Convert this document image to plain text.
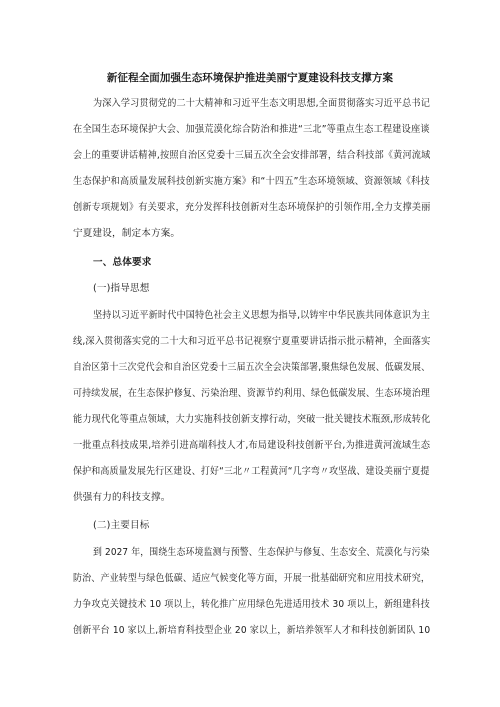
新征程全面加强生态环境保护推进美丽宁夏建设科技支撑方案
为深入学习贯彻党的二十大精神和习近平生态文明思想,全面贯彻落实习近平总书记
在全国生态环境保护大会、加强荒漠化综合防治和推进“三北”等重点生态工程建设座谈
会上的重要讲话精神,按照自治区党委十三届五次全会安排部署，结合科技部《黄河流域
生态保护和高质量发展科技创新实施方案》和“十四五”生态环境领域、资源领域《科技
创新专项规划》有关要求，充分发挥科技创新对生态环境保护的引领作用,全力支撑美丽
宁夏建设，制定本方案。
一、总体要求
(一)指导思想
坚持以习近平新时代中国特色社会主义思想为指导,以铸牢中华民族共同体意识为主
线,深入贯彻落实党的二十大和习近平总书记视察宁夏重要讲话指示批示精神，全面落实
自治区第十三次党代会和自治区党委十三届五次全会决策部署,聚焦绿色发展、低碳发展、
可持续发展，在生态保护修复、污染治理、资源节约利用、绿色低碳发展、生态环境治理
能力现代化等重点领域，大力实施科技创新支撑行动，突破一批关键技术瓶颈,形成转化
一批重点科技成果,培养引进高端科技人才,布局建设科技创新平台,为推进黄河流域生态
保护和高质量发展先行区建设、打好“三北〃工程黄河“几字弯〃攻坚战、建设美丽宁夏提
供强有力的科技支撑。
(二)主要目标
到 2027 年，围绕生态环境监测与预警、生态保护与修复、生态安全、荒漠化与污染
防治、产业转型与绿色低碳、适应气候变化等方面，开展一批基础研究和应用技术研究，
力争攻克关键技术 10 项以上，转化推广应用绿色先进适用技术 30 项以上，新组建科技
创新平台 10 家以上,新培育科技型企业 20 家以上，新培养领军人才和科技创新团队 10
